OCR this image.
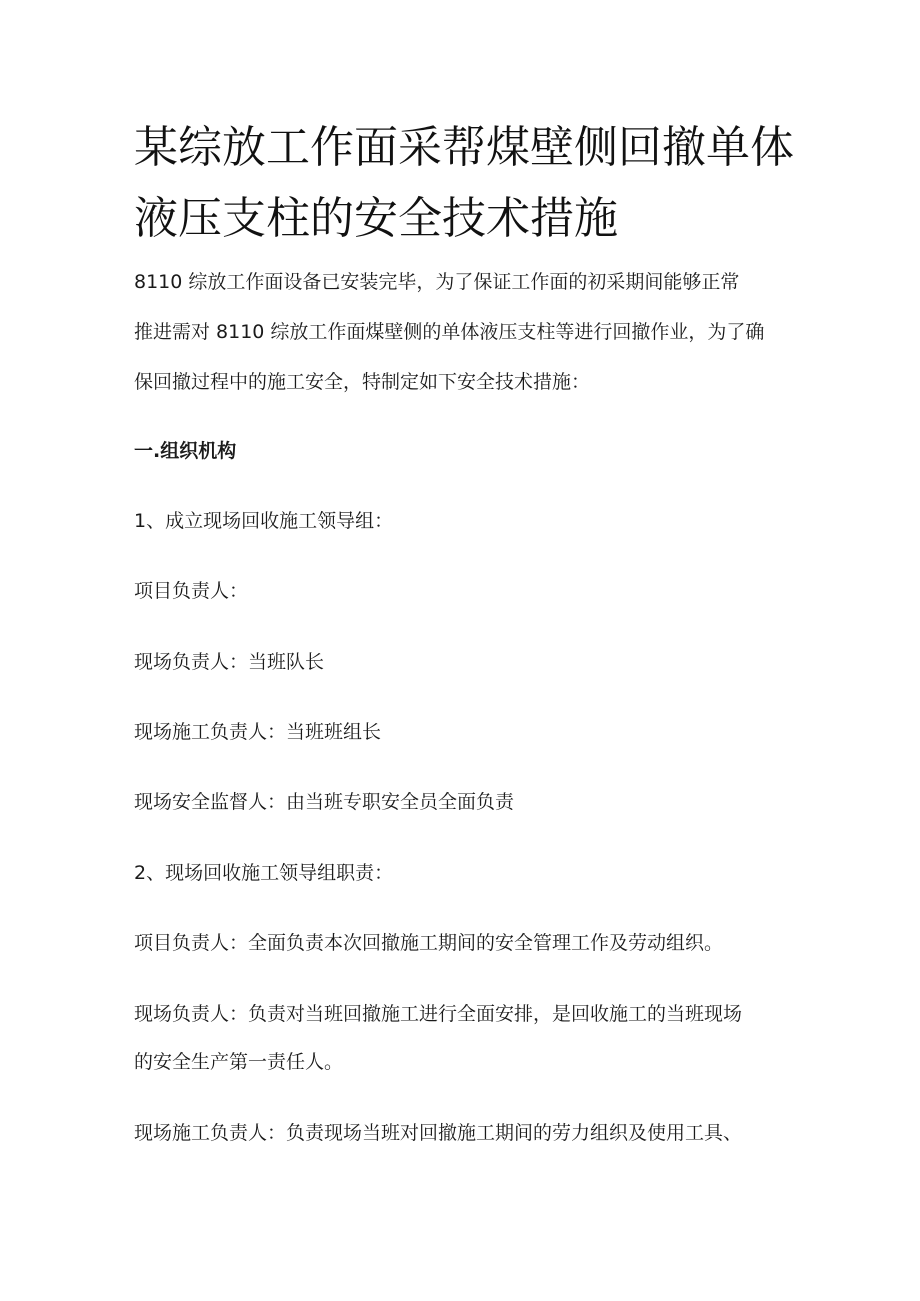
某综放工作面采帮煤壁侧回撤单体
液压支柱的安全技术措施
8110 综放工作面设备已安装完毕，为了保证工作面的初采期间能够正常
推进需对 8110 综放工作面煤壁侧的单体液压支柱等进行回撤作业，为了确
保回撤过程中的施工安全，特制定如下安全技术措施：
一.组织机构
1、成立现场回收施工领导组：
项目负责人：
现场负责人：当班队长
现场施工负责人：当班班组长
现场安全监督人：由当班专职安全员全面负责
2、现场回收施工领导组职责：
项目负责人：全面负责本次回撤施工期间的安全管理工作及劳动组织。
现场负责人：负责对当班回撤施工进行全面安排，是回收施工的当班现场
的安全生产第一责任人。
现场施工负责人：负责现场当班对回撤施工期间的劳力组织及使用工具、
